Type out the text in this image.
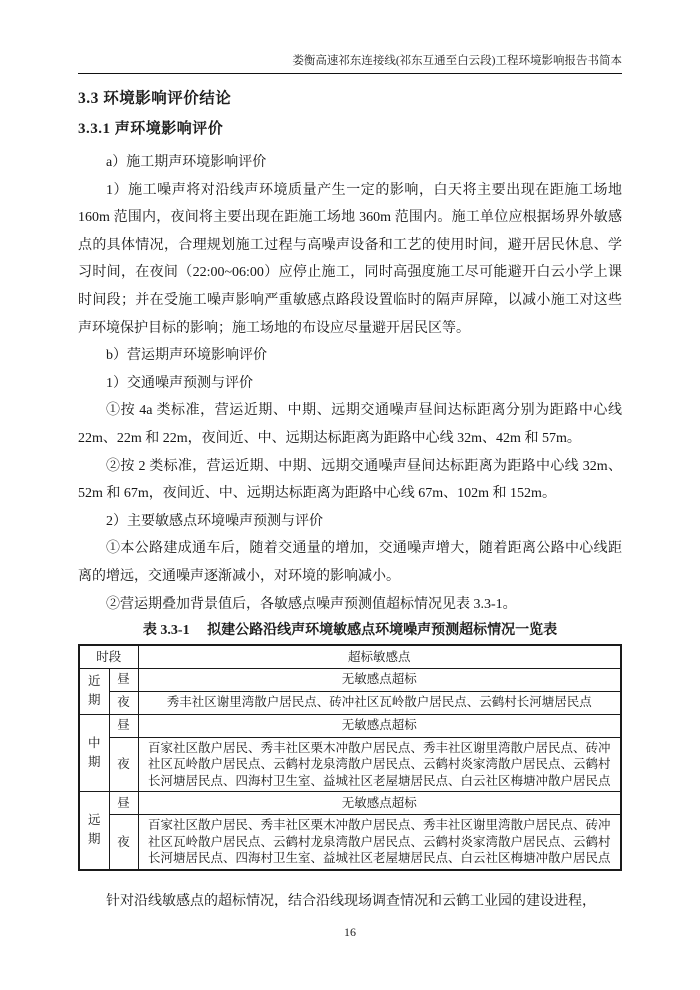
娄衡高速祁东连接线(祁东互通至白云段)工程环境影响报告书简本
3.3 环境影响评价结论
3.3.1 声环境影响评价

a）施工期声环境影响评价

1）施工噪声将对沿线声环境质量产生一定的影响，白天将主要出现在距施工场地 160m 范围内，夜间将主要出现在距施工场地 360m 范围内。施工单位应根据场界外敏感点的具体情况，合理规划施工过程与高噪声设备和工艺的使用时间，避开居民休息、学习时间，在夜间（22:00~06:00）应停止施工，同时高强度施工尽可能避开白云小学上课时间段；并在受施工噪声影响严重敏感点路段设置临时的隔声屏障，以减小施工对这些声环境保护目标的影响；施工场地的布设应尽量避开居民区等。

b）营运期声环境影响评价

1）交通噪声预测与评价

①按 4a 类标准，营运近期、中期、远期交通噪声昼间达标距离分别为距路中心线 22m、22m 和 22m，夜间近、中、远期达标距离为距路中心线 32m、42m 和 57m。

②按 2 类标准，营运近期、中期、远期交通噪声昼间达标距离为距路中心线 32m、52m 和 67m，夜间近、中、远期达标距离为距路中心线 67m、102m 和 152m。

2）主要敏感点环境噪声预测与评价

①本公路建成通车后，随着交通量的增加，交通噪声增大，随着距离公路中心线距离的增远，交通噪声逐渐减小，对环境的影响减小。

②营运期叠加背景值后，各敏感点噪声预测值超标情况见表 3.3-1。

表 3.3-1　 拟建公路沿线声环境敏感点环境噪声预测超标情况一览表

时段		超标敏感点
近期	昼	无敏感点超标
	夜	秀丰社区谢里湾散户居民点、砖冲社区瓦岭散户居民点、云鹤村长河塘居民点
中期	昼	无敏感点超标
	夜	百家社区散户居民、秀丰社区栗木冲散户居民点、秀丰社区谢里湾散户居民点、砖冲社区瓦岭散户居民点、云鹤村龙泉湾散户居民点、云鹤村炎家湾散户居民点、云鹤村长河塘居民点、四海村卫生室、益城社区老屋塘居民点、白云社区梅塘冲散户居民点
远期	昼	无敏感点超标
	夜	百家社区散户居民、秀丰社区栗木冲散户居民点、秀丰社区谢里湾散户居民点、砖冲社区瓦岭散户居民点、云鹤村龙泉湾散户居民点、云鹤村炎家湾散户居民点、云鹤村长河塘居民点、四海村卫生室、益城社区老屋塘居民点、白云社区梅塘冲散户居民点

针对沿线敏感点的超标情况，结合沿线现场调查情况和云鹤工业园的建设进程，

16
